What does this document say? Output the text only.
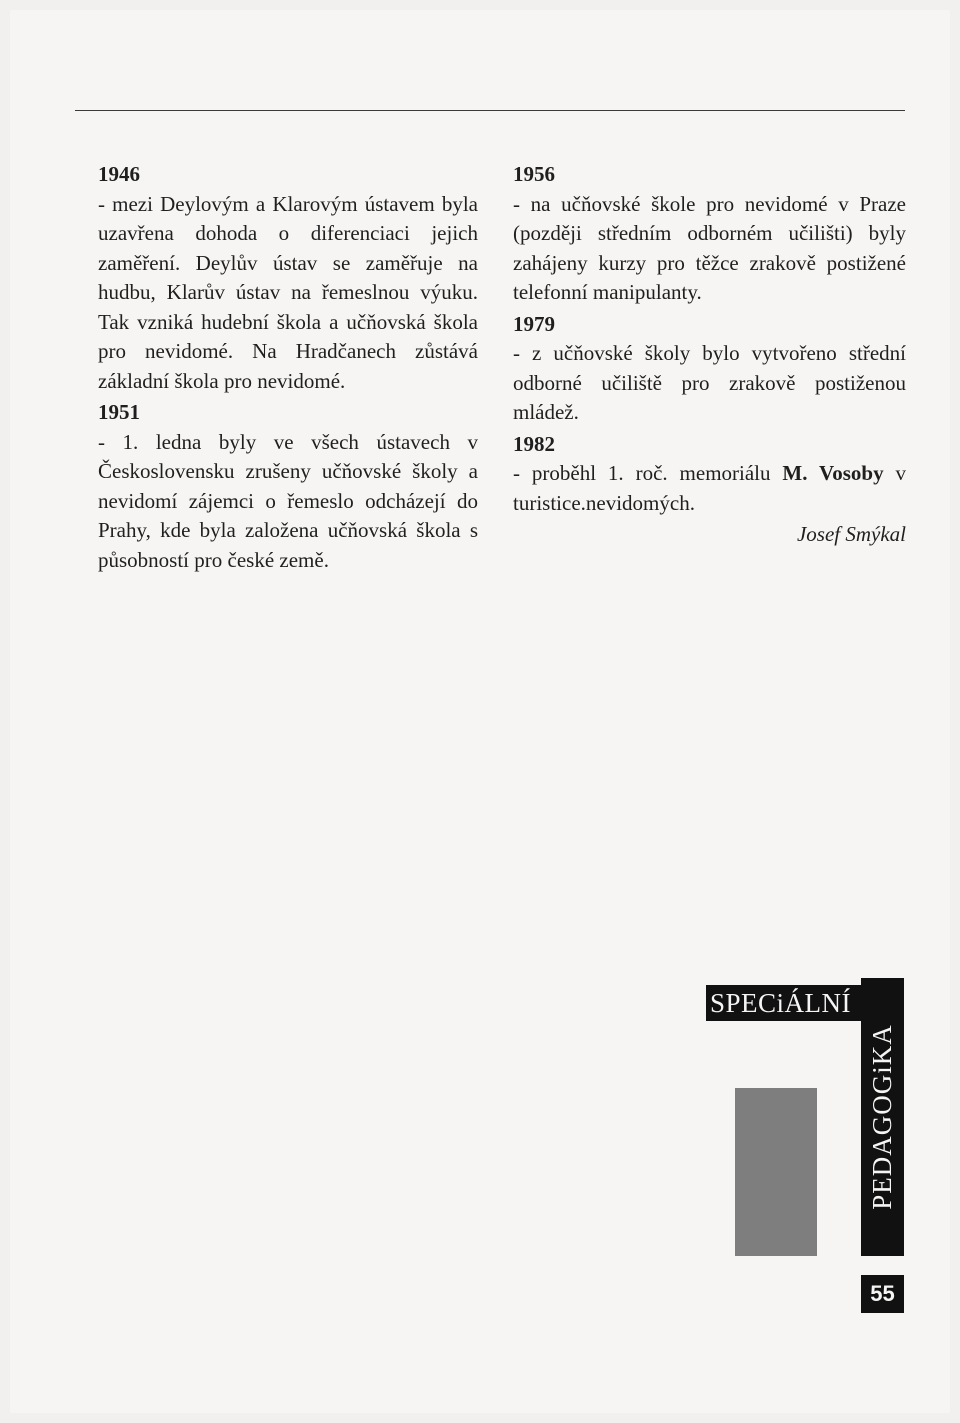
1946

- mezi Deylovým a Klarovým ústavem byla uzavřena dohoda o diferenciaci jejich zaměření. Deylův ústav se zaměřuje na hudbu, Klarův ústav na řemeslnou výuku. Tak vzniká hudební škola a učňovská škola pro nevidomé. Na Hradčanech zůstává základní škola pro nevidomé.

1951

- 1. ledna byly ve všech ústavech v Československu zrušeny učňovské školy a nevidomí zájemci o řemeslo odcházejí do Prahy, kde byla založena učňovská škola s působností pro české země.

1956

- na učňovské škole pro nevidomé v Praze (později středním odborném učilišti) byly zahájeny kurzy pro těžce zrakově postižené telefonní manipulanty.

1979

- z učňovské školy bylo vytvořeno střední odborné učiliště pro zrakově postiženou mládež.

1982

- proběhl 1. roč. memoriálu M. Vosoby v turistice.nevidomých.

Josef Smýkal
SPECiÁLNÍ
PEDAGOGiKA
55
